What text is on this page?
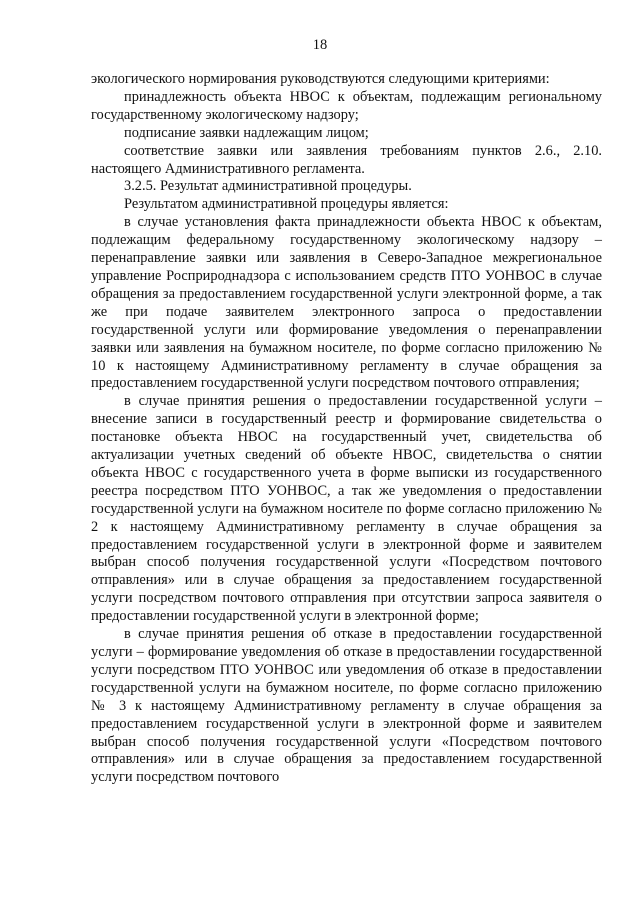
18

экологического нормирования руководствуются следующими критериями:

принадлежность объекта НВОС к объектам, подлежащим региональному государственному экологическому надзору;

подписание заявки надлежащим лицом;

соответствие заявки или заявления требованиям пунктов 2.6., 2.10. настоящего Административного регламента.

3.2.5. Результат административной процедуры.

Результатом административной процедуры является:

в случае установления факта принадлежности объекта НВОС к объектам, подлежащим федеральному государственному экологическому надзору – перенаправление заявки или заявления в Северо-Западное межрегиональное управление Росприроднадзора с использованием средств ПТО УОНВОС в случае обращения за предоставлением государственной услуги электронной форме, а так же при подаче заявителем электронного запроса о предоставлении государственной услуги или формирование уведомления о перенаправлении заявки или заявления на бумажном носителе, по форме согласно приложению № 10 к настоящему Административному регламенту в случае обращения за предоставлением государственной услуги посредством почтового отправления;

в случае принятия решения о предоставлении государственной услуги – внесение записи в государственный реестр и формирование свидетельства о постановке объекта НВОС на государственный учет, свидетельства об актуализации учетных сведений об объекте НВОС, свидетельства о снятии объекта НВОС с государственного учета в форме выписки из государственного реестра посредством ПТО УОНВОС, а так же уведомления о предоставлении государственной услуги на бумажном носителе по форме согласно приложению № 2 к настоящему Административному регламенту в случае обращения за предоставлением государственной услуги в электронной форме и заявителем выбран способ получения государственной услуги «Посредством почтового отправления» или в случае обращения за предоставлением государственной услуги посредством почтового отправления при отсутствии запроса заявителя о предоставлении государственной услуги в электронной форме;

в случае принятия решения об отказе в предоставлении государственной услуги – формирование уведомления об отказе в предоставлении государственной услуги посредством ПТО УОНВОС или уведомления об отказе в предоставлении государственной услуги на бумажном носителе, по форме согласно приложению № 3 к настоящему Административному регламенту в случае обращения за предоставлением государственной услуги в электронной форме и заявителем выбран способ получения государственной услуги «Посредством почтового отправления» или в случае обращения за предоставлением государственной услуги посредством почтового
